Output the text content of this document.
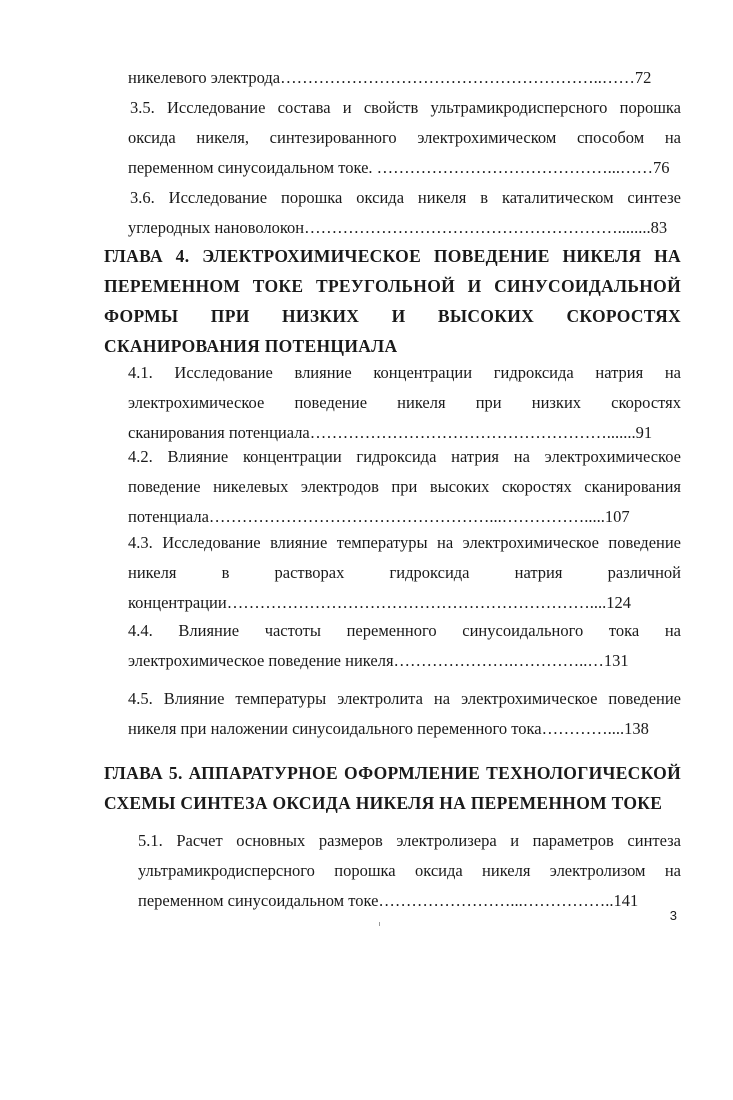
никелевого электрода…………………………………………………..……72
3.5. Исследование состава и свойств ультрамикродисперсного порошка
оксида никеля, синтезированного электрохимическом способом на
переменном синусоидальном токе. ……………………………………...……76
3.6. Исследование порошка оксида никеля в каталитическом синтезе
углеродных нановолокон…………………………………………………........83
ГЛАВА 4. ЭЛЕКТРОХИМИЧЕСКОЕ ПОВЕДЕНИЕ НИКЕЛЯ НА
ПЕРЕМЕННОМ ТОКЕ ТРЕУГОЛЬНОЙ И СИНУСОИДАЛЬНОЙ
ФОРМЫ ПРИ НИЗКИХ И ВЫСОКИХ СКОРОСТЯХ
СКАНИРОВАНИЯ ПОТЕНЦИАЛА
4.1. Исследование влияние концентрации гидроксида натрия на
электрохимическое поведение никеля при низких скоростях
сканирования потенциала……………………………………………….......91
4.2. Влияние концентрации гидроксида натрия на электрохимическое
поведение никелевых электродов при высоких скоростях сканирования
потенциала……………………………………………...…………….....107
4.3. Исследование влияние температуры на электрохимическое поведение
никеля в растворах гидроксида натрия различной
концентрации…………………………………………………………....124
4.4. Влияние частоты переменного синусоидального тока на
электрохимическое поведение никеля………………….…………..…131
4.5. Влияние температуры электролита на электрохимическое поведение
никеля при наложении синусоидального переменного тока…………....138
ГЛАВА 5. АППАРАТУРНОЕ ОФОРМЛЕНИЕ ТЕХНОЛОГИЧЕСКОЙ
СХЕМЫ СИНТЕЗА ОКСИДА НИКЕЛЯ НА ПЕРЕМЕННОМ ТОКЕ
5.1. Расчет основных размеров электролизера и параметров синтеза
ультрамикродисперсного порошка оксида никеля электролизом на
переменном синусоидальном токе……………………...……………..141
3
